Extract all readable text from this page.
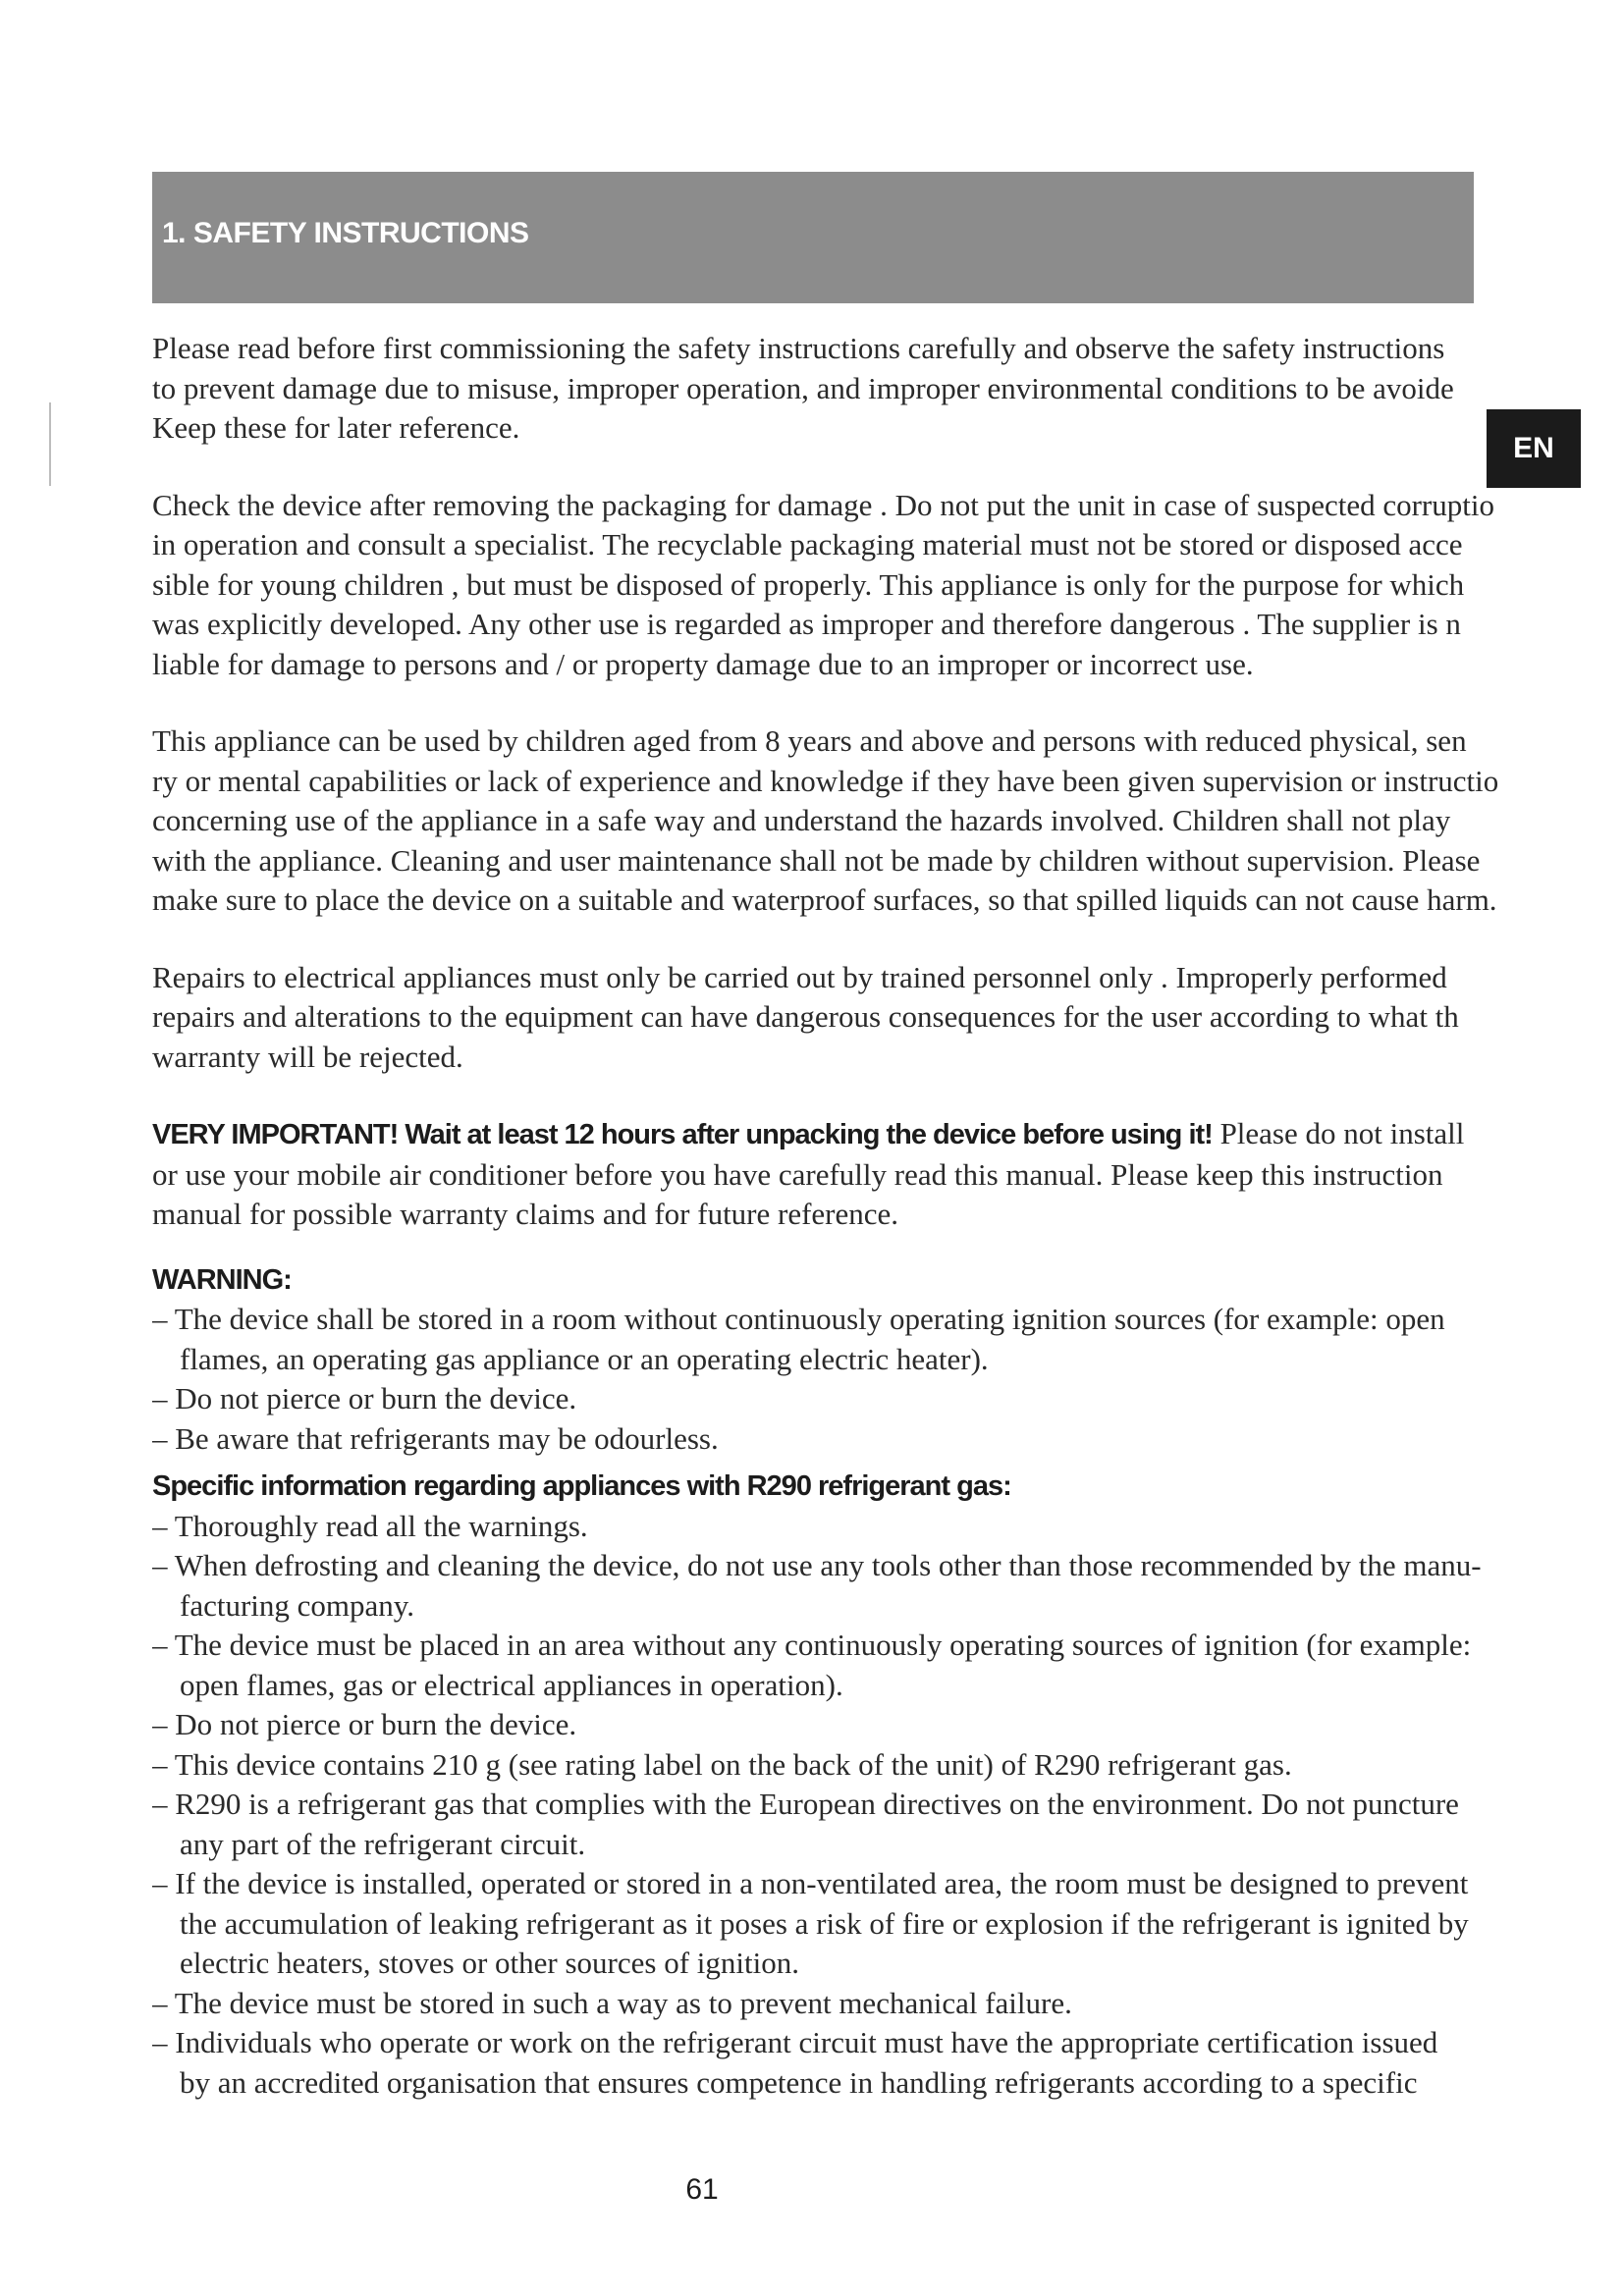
1. SAFETY INSTRUCTIONS
EN

Please read before first commissioning the safety instructions carefully and observe the safety instructions
to prevent damage due to misuse, improper operation, and improper environmental conditions to be avoide
Keep these for later reference.

Check the device after removing the packaging for damage . Do not put the unit in case of suspected corruptio
in operation and consult a specialist. The recyclable packaging material must not be stored or disposed acce
sible for young children , but must be disposed of properly. This appliance is only for the purpose for which
was explicitly developed. Any other use is regarded as improper and therefore dangerous . The supplier is n
liable for damage to persons and / or property damage due to an improper or incorrect use.

This appliance can be used by children aged from 8 years and above and persons with reduced physical, sen
ry or mental capabilities or lack of experience and knowledge if they have been given supervision or instructio
concerning use of the appliance in a safe way and understand the hazards involved. Children shall not play
with the appliance. Cleaning and user maintenance shall not be made by children without supervision. Please
make sure to place the device on a suitable and waterproof surfaces, so that spilled liquids can not cause harm.

Repairs to electrical appliances must only be carried out by trained personnel only . Improperly performed
repairs and alterations to the equipment can have dangerous consequences for the user according to what th
warranty will be rejected.

VERY IMPORTANT! Wait at least 12 hours after unpacking the device before using it! Please do not install
or use your mobile air conditioner before you have carefully read this manual. Please keep this instruction
manual for possible warranty claims and for future reference.

WARNING:
– The device shall be stored in a room without continuously operating ignition sources (for example: open
flames, an operating gas appliance or an operating electric heater).
– Do not pierce or burn the device.
– Be aware that refrigerants may be odourless.
Specific information regarding appliances with R290 refrigerant gas:
– Thoroughly read all the warnings.
– When defrosting and cleaning the device, do not use any tools other than those recommended by the manu-
facturing company.
– The device must be placed in an area without any continuously operating sources of ignition (for example:
open flames, gas or electrical appliances in operation).
– Do not pierce or burn the device.
– This device contains 210 g (see rating label on the back of the unit) of R290 refrigerant gas.
– R290 is a refrigerant gas that complies with the European directives on the environment. Do not puncture
any part of the refrigerant circuit.
– If the device is installed, operated or stored in a non-ventilated area, the room must be designed to prevent
the accumulation of leaking refrigerant as it poses a risk of fire or explosion if the refrigerant is ignited by
electric heaters, stoves or other sources of ignition.
– The device must be stored in such a way as to prevent mechanical failure.
– Individuals who operate or work on the refrigerant circuit must have the appropriate certification issued
by an accredited organisation that ensures competence in handling refrigerants according to a specific
61
